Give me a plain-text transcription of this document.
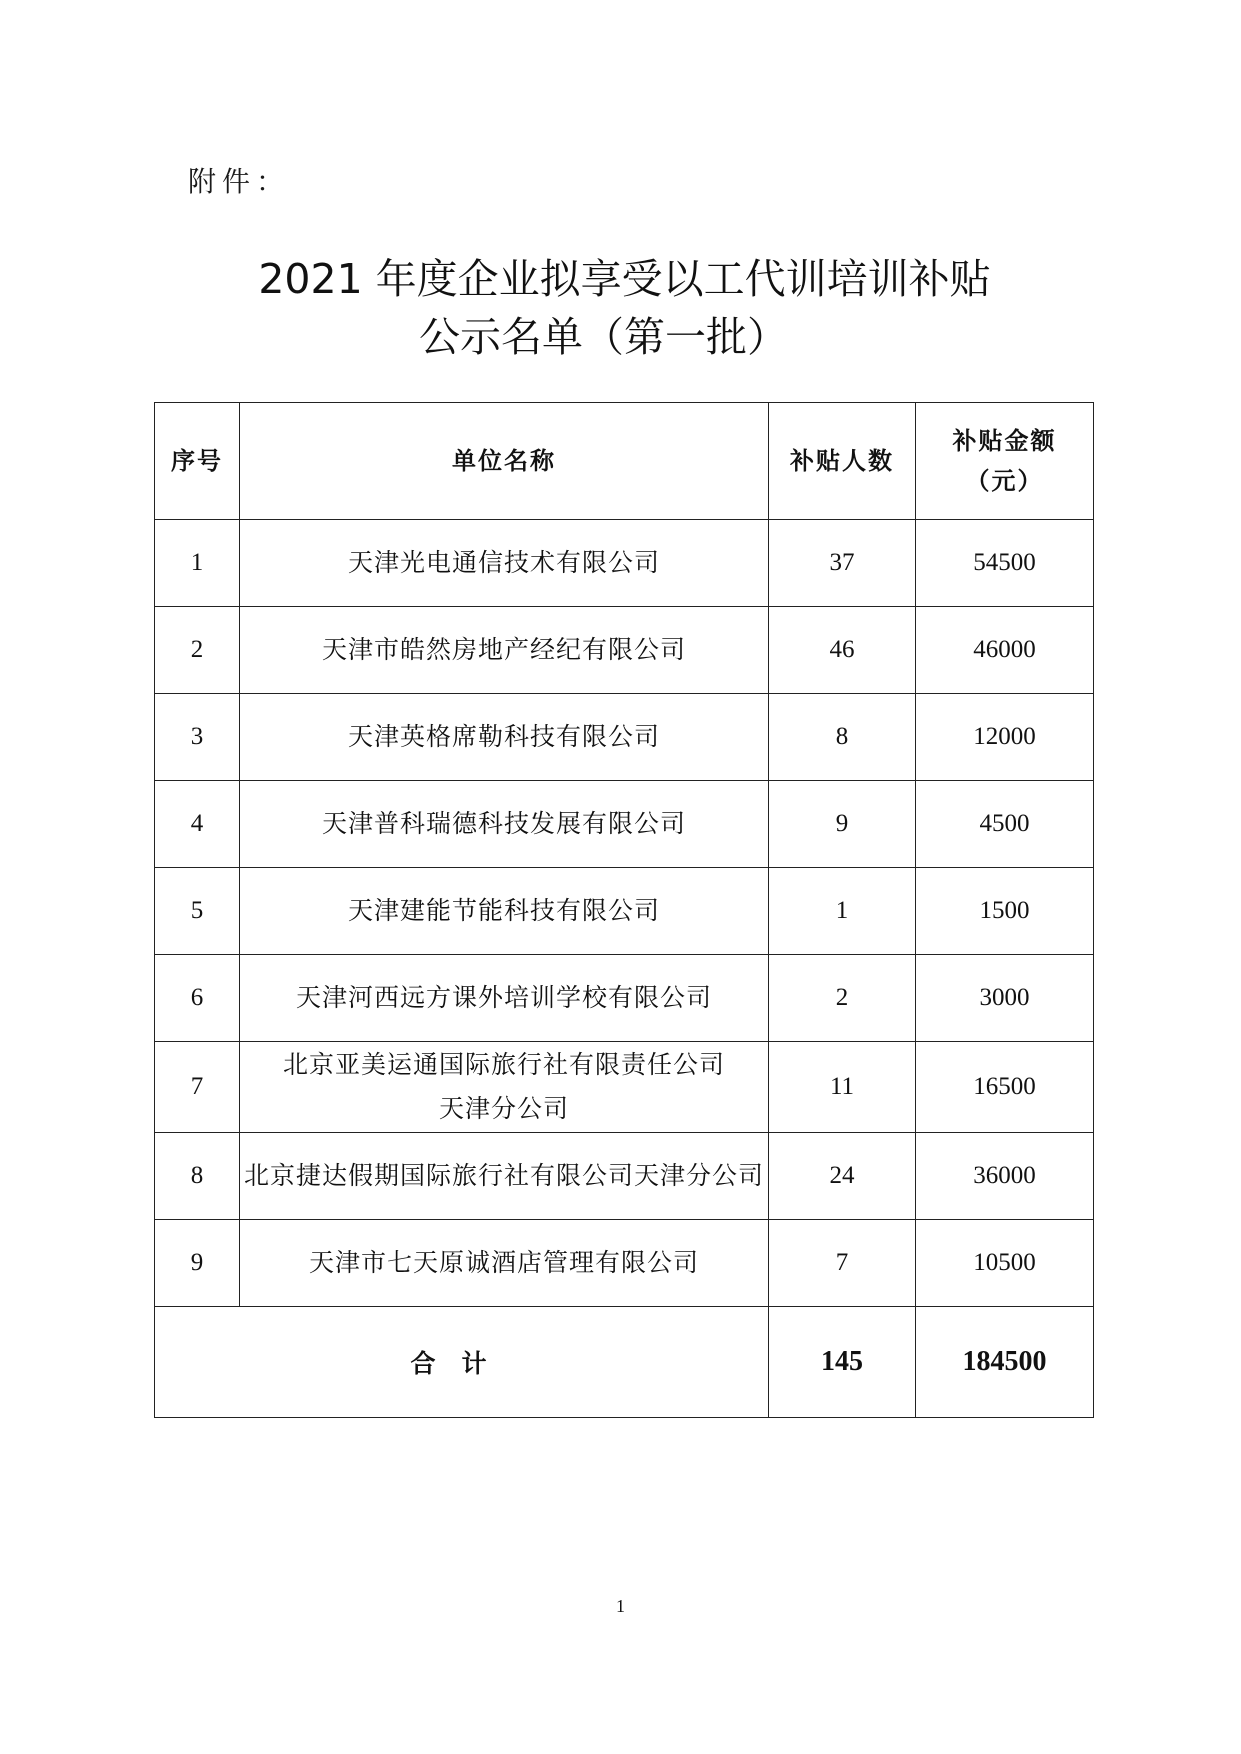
附件：
2021 年度企业拟享受以工代训培训补贴
公示名单（第一批）
序号	单位名称	补贴人数	补贴金额
（元）

1	天津光电通信技术有限公司	37	54500
2	天津市皓然房地产经纪有限公司	46	46000
3	天津英格席勒科技有限公司	8	12000
4	天津普科瑞德科技发展有限公司	9	4500
5	天津建能节能科技有限公司	1	1500
6	天津河西远方课外培训学校有限公司	2	3000
7	北京亚美运通国际旅行社有限责任公司
天津分公司	11	16500
8	北京捷达假期国际旅行社有限公司天津分公司	24	36000
9	天津市七天原诚酒店管理有限公司	7	10500
合计		145	184500
1
